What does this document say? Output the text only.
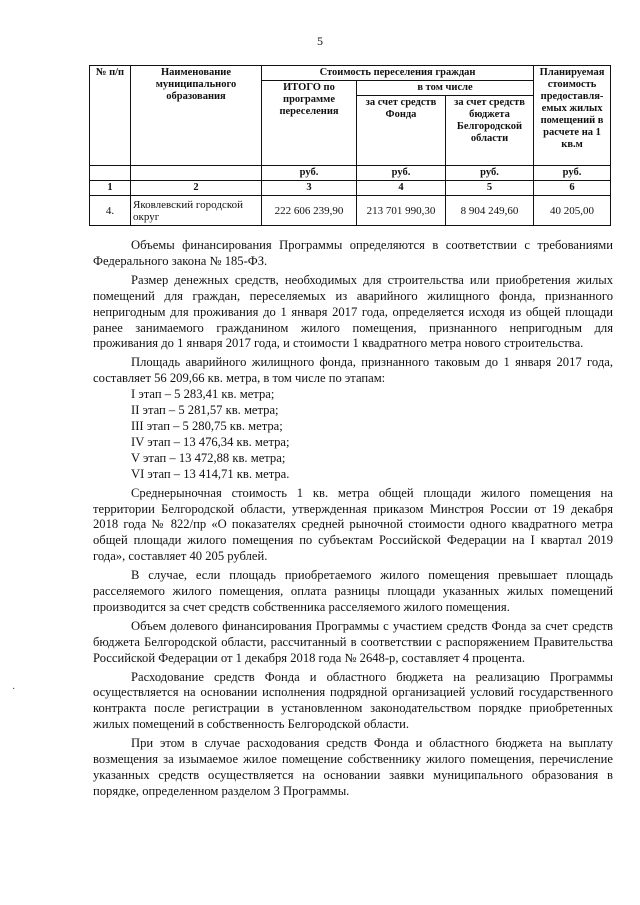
5
№ п/п	Наименование муниципального образования	Стоимость переселения граждан			Планируемая стоимость предоставля-емых жилых помещений в расчете на 1 кв.м
		ИТОГО по программе переселения	в том числе		
			за счет средств Фонда	за счет средств бюджета Белгородской области	
		руб.	руб.	руб.	руб.
1	2	3	4	5	6
4.	Яковлевский городской округ	222 606 239,90	213 701 990,30	8 904 249,60	40 205,00

Объемы финансирования Программы определяются в соответствии с требованиями Федерального закона № 185-ФЗ.

Размер денежных средств, необходимых для строительства или приобретения жилых помещений для граждан, переселяемых из аварийного жилищного фонда, признанного непригодным для проживания до 1 января 2017 года, определяется исходя из общей площади ранее занимаемого гражданином жилого помещения, признанного непригодным для проживания до 1 января 2017 года, и стоимости 1 квадратного метра нового строительства.

Площадь аварийного жилищного фонда, признанного таковым до 1 января 2017 года, составляет 56 209,66 кв. метра, в том числе по этапам:

I этап – 5 283,41 кв. метра;

II этап – 5 281,57 кв. метра;

III этап – 5 280,75 кв. метра;

IV этап – 13 476,34 кв. метра;

V этап – 13 472,88 кв. метра;

VI этап – 13 414,71 кв. метра.

Среднерыночная стоимость 1 кв. метра общей площади жилого помещения на территории Белгородской области, утвержденная приказом Минстроя России от 19 декабря 2018 года № 822/пр «О показателях средней рыночной стоимости одного квадратного метра общей площади жилого помещения по субъектам Российской Федерации на I квартал 2019 года», составляет 40 205 рублей.

В случае, если площадь приобретаемого жилого помещения превышает площадь расселяемого жилого помещения, оплата разницы площади указанных жилых помещений производится за счет средств собственника расселяемого жилого помещения.

Объем долевого финансирования Программы с участием средств Фонда за счет средств бюджета Белгородской области, рассчитанный в соответствии с распоряжением Правительства Российской Федерации от 1 декабря 2018 года № 2648-р, составляет 4 процента.

Расходование средств Фонда и областного бюджета на реализацию Программы осуществляется на основании исполнения подрядной организацией условий государственного контракта после регистрации в установленном законодательством порядке приобретенных жилых помещений в собственность Белгородской области.

При этом в случае расходования средств Фонда и областного бюджета на выплату возмещения за изымаемое жилое помещение собственнику жилого помещения, перечисление указанных средств осуществляется на основании заявки муниципального образования в порядке, определенном разделом 3 Программы.

·
